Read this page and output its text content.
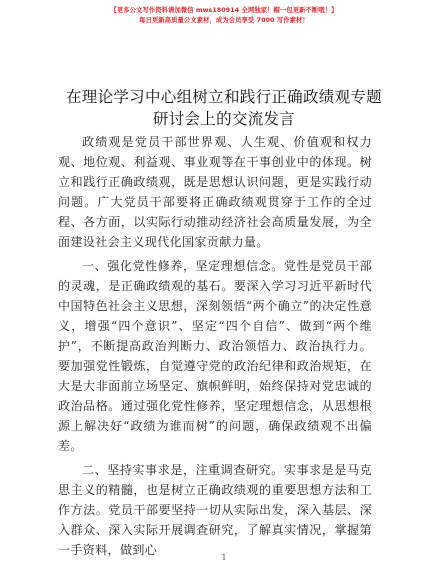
【更多公文写作资料请加微信 mws180914 全网独家！帽一包更新不断哦！】
每日更新高质量公文素材，成为会员享受 7000 写作素材！
在理论学习中心组树立和践行正确政绩观专题
研讨会上的交流发言

政绩观是党员干部世界观、人生观、价值观和权力观、地位观、利益观、事业观等在干事创业中的体现。树立和践行正确政绩观，既是思想认识问题，更是实践行动问题。广大党员干部要将正确政绩观贯穿于工作的全过程、各方面，以实际行动推动经济社会高质量发展，为全面建设社会主义现代化国家贡献力量。

一、强化党性修养，坚定理想信念。党性是党员干部的灵魂，是正确政绩观的基石。要深入学习习近平新时代中国特色社会主义思想，深刻领悟“两个确立”的决定性意义，增强“四个意识”、坚定“四个自信”、做到“两个维护”，不断提高政治判断力、政治领悟力、政治执行力。要加强党性锻炼，自觉遵守党的政治纪律和政治规矩，在大是大非面前立场坚定、旗帜鲜明，始终保持对党忠诚的政治品格。通过强化党性修养，坚定理想信念，从思想根源上解决好“政绩为谁而树”的问题，确保政绩观不出偏差。

二、坚持实事求是，注重调查研究。实事求是是马克思主义的精髓，也是树立正确政绩观的重要思想方法和工作方法。党员干部要坚持一切从实际出发，深入基层、深入群众、深入实际开展调查研究，了解真实情况，掌握第一手资料，做到心

1
